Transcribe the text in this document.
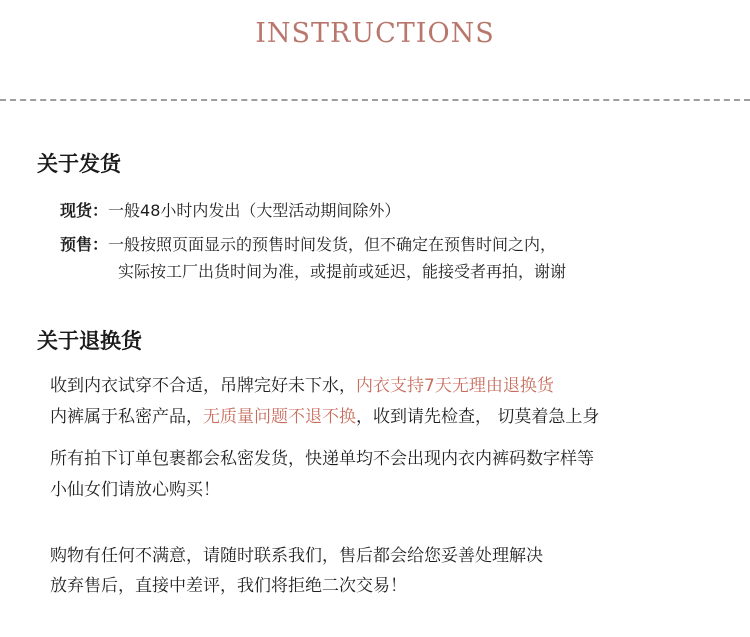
INSTRUCTIONS
关于发货
现货：一般48小时内发出（大型活动期间除外）
预售：一般按照页面显示的预售时间发货，但不确定在预售时间之内，
实际按工厂出货时间为准，或提前或延迟，能接受者再拍，谢谢
关于退换货
收到内衣试穿不合适，吊牌完好未下水，内衣支持7天无理由退换货
内裤属于私密产品，无质量问题不退不换，收到请先检查， 切莫着急上身
所有拍下订单包裹都会私密发货，快递单均不会出现内衣内裤码数字样等
小仙女们请放心购买！
购物有任何不满意，请随时联系我们，售后都会给您妥善处理解决
放弃售后，直接中差评，我们将拒绝二次交易！
